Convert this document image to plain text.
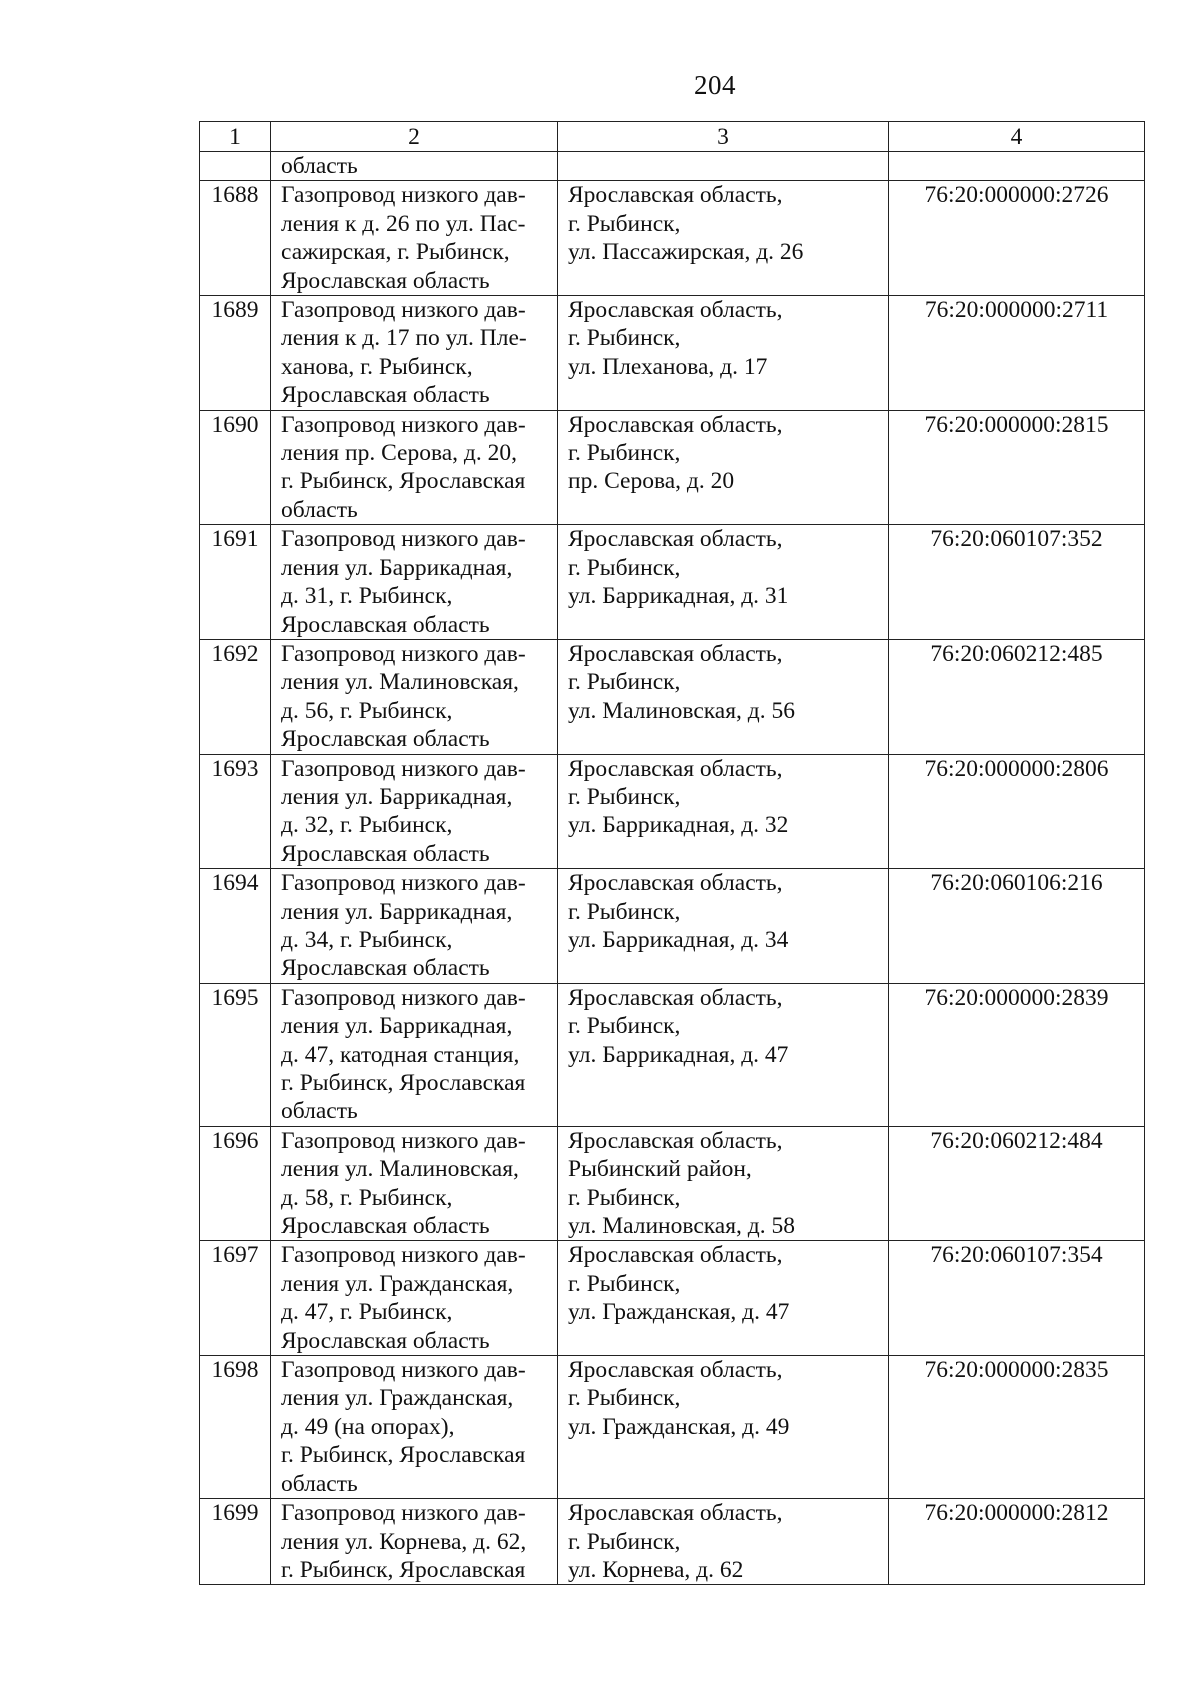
204
1	2	3	4

	область		

1688	Газопровод низкого дав-
ления к д. 26 по ул. Пас-
сажирская, г. Рыбинск,
Ярославская область	Ярославская область,
г. Рыбинск,
ул. Пассажирская, д. 26	76:20:000000:2726
1689	Газопровод низкого дав-
ления к д. 17 по ул. Пле-
ханова, г. Рыбинск,
Ярославская область	Ярославская область,
г. Рыбинск,
ул. Плеханова, д. 17	76:20:000000:2711
1690	Газопровод низкого дав-
ления пр. Серова, д. 20,
г. Рыбинск, Ярославская
область	Ярославская область,
г. Рыбинск,
пр. Серова, д. 20	76:20:000000:2815
1691	Газопровод низкого дав-
ления ул. Баррикадная,
д. 31, г. Рыбинск,
Ярославская область	Ярославская область,
г. Рыбинск,
ул. Баррикадная, д. 31	76:20:060107:352
1692	Газопровод низкого дав-
ления ул. Малиновская,
д. 56, г. Рыбинск,
Ярославская область	Ярославская область,
г. Рыбинск,
ул. Малиновская, д. 56	76:20:060212:485
1693	Газопровод низкого дав-
ления ул. Баррикадная,
д. 32, г. Рыбинск,
Ярославская область	Ярославская область,
г. Рыбинск,
ул. Баррикадная, д. 32	76:20:000000:2806
1694	Газопровод низкого дав-
ления ул. Баррикадная,
д. 34, г. Рыбинск,
Ярославская область	Ярославская область,
г. Рыбинск,
ул. Баррикадная, д. 34	76:20:060106:216
1695	Газопровод низкого дав-
ления ул. Баррикадная,
д. 47, катодная станция,
г. Рыбинск, Ярославская
область	Ярославская область,
г. Рыбинск,
ул. Баррикадная, д. 47	76:20:000000:2839
1696	Газопровод низкого дав-
ления ул. Малиновская,
д. 58, г. Рыбинск,
Ярославская область	Ярославская область,
Рыбинский район,
г. Рыбинск,
ул. Малиновская, д. 58	76:20:060212:484
1697	Газопровод низкого дав-
ления ул. Гражданская,
д. 47, г. Рыбинск,
Ярославская область	Ярославская область,
г. Рыбинск,
ул. Гражданская, д. 47	76:20:060107:354
1698	Газопровод низкого дав-
ления ул. Гражданская,
д. 49 (на опорах),
г. Рыбинск, Ярославская
область	Ярославская область,
г. Рыбинск,
ул. Гражданская, д. 49	76:20:000000:2835
1699	Газопровод низкого дав-
ления ул. Корнева, д. 62,
г. Рыбинск, Ярославская	Ярославская область,
г. Рыбинск,
ул. Корнева, д. 62	76:20:000000:2812
